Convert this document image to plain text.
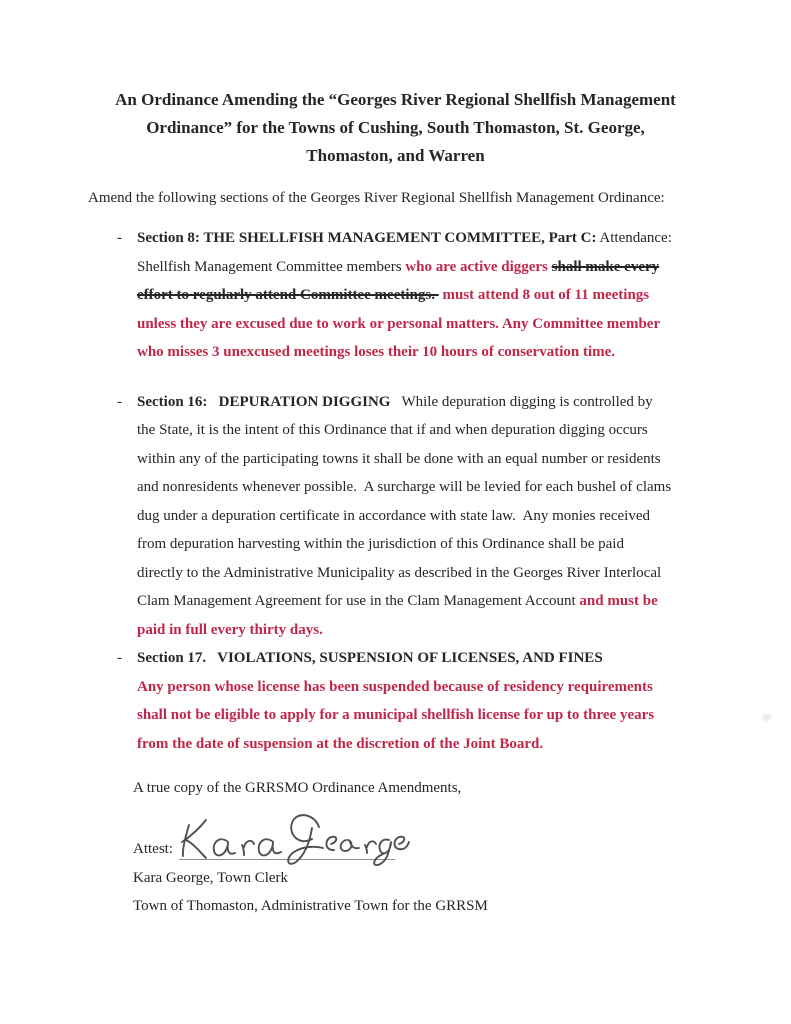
An Ordinance Amending the “Georges River Regional Shellfish Management
Ordinance” for the Towns of Cushing, South Thomaston, St. George,
Thomaston, and Warren
Amend the following sections of the Georges River Regional Shellfish Management Ordinance:
-	Section 8: THE SHELLFISH MANAGEMENT COMMITTEE, Part C: Attendance:
Shellfish Management Committee members who are active diggers shall make every
effort to regularly attend Committee meetings.  must attend 8 out of 11 meetings
unless they are excused due to work or personal matters. Any Committee member
who misses 3 unexcused meetings loses their 10 hours of conservation time.
-	Section 16:   DEPURATION DIGGING   While depuration digging is controlled by
the State, it is the intent of this Ordinance that if and when depuration digging occurs
within any of the participating towns it shall be done with an equal number or residents
and nonresidents whenever possible.  A surcharge will be levied for each bushel of clams
dug under a depuration certificate in accordance with state law.  Any monies received
from depuration harvesting within the jurisdiction of this Ordinance shall be paid
directly to the Administrative Municipality as described in the Georges River Interlocal
Clam Management Agreement for use in the Clam Management Account and must be
paid in full every thirty days.
-	Section 17.   VIOLATIONS, SUSPENSION OF LICENSES, AND FINES
Any person whose license has been suspended because of residency requirements
shall not be eligible to apply for a municipal shellfish license for up to three years
from the date of suspension at the discretion of the Joint Board.
A true copy of the GRRSMO Ordinance Amendments,
Attest:
Kara George, Town Clerk
Town of Thomaston, Administrative Town for the GRRSM
